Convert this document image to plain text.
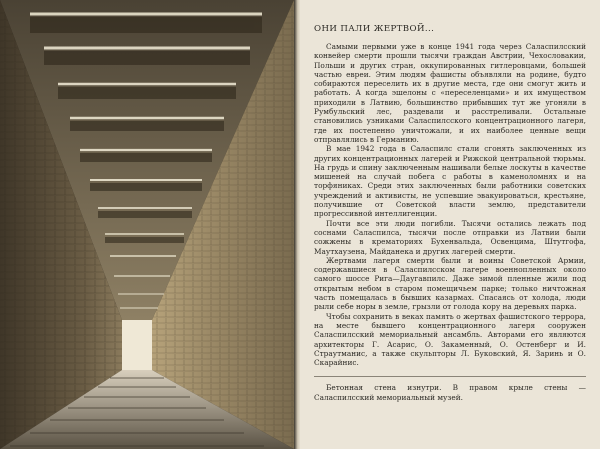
ОНИ ПАЛИ ЖЕРТВОЙ...

Самыми первыми уже в конце 1941 года через Саласпилсский конвейер смерти прошли тысячи граждан Австрии, Чехословакии, Польши и других стран, оккупированных гитлеровцами, большей частью евреи. Этим людям фашисты объявляли на родине, будто собираются переселить их в другие места, где они смогут жить и работать. А когда эшелоны с «переселенцами» и их имуществом приходили в Латвию, большинство прибывших тут же угоняли в Румбульский лес, раздевали и расстреливали. Остальные становились узниками Саласпилсского концентрационного лагеря, где их постепенно уничтожали, и их наиболее ценные вещи отправлялись в Германию.

В мае 1942 года в Саласпилс стали сгонять заключенных из других концентрационных лагерей и Рижской центральной тюрьмы. На грудь и спину заключенным нашивали белые лоскуты в качестве мишеней на случай побега с работы в каменоломнях и на торфяниках. Среди этих заключенных были работники советских учреждений и активисты, не успевшие эвакуироваться, крестьяне, получившие от Советской власти землю, представители прогрессивной интеллигенции.

Почти все эти люди погибли. Тысячи остались лежать под соснами Саласпилса, тысячи после отправки из Латвии были сожжены в крематориях Бухенвальда, Освенцима, Штутгофа, Маутхаузена, Майданека и других лагерей смерти.

Жертвами лагеря смерти были и воины Советской Армии, содержавшиеся в Саласпилсском лагере военнопленных около самого шоссе Рига—Даугавпилс. Даже зимой пленные жили под открытым небом в старом помещичьем парке; только ничтожная часть помещалась в бывших казармах. Спасаясь от холода, люди рыли себе норы в земле, грызли от голода кору на деревьях парка.

Чтобы сохранить в веках память о жертвах фашистского террора, на месте бывшего концентрационного лагеря сооружен Саласпилсский мемориальный ансамбль. Авторами его являются архитекторы Г. Асарис, О. Закаменный, О. Остенберг и И. Страутманис, а также скульпторы Л. Буковский, Я. Заринь и О. Скарайнис.

Бетонная стена изнутри. В правом крыле стены — Саласпилсский мемориальный музей.
